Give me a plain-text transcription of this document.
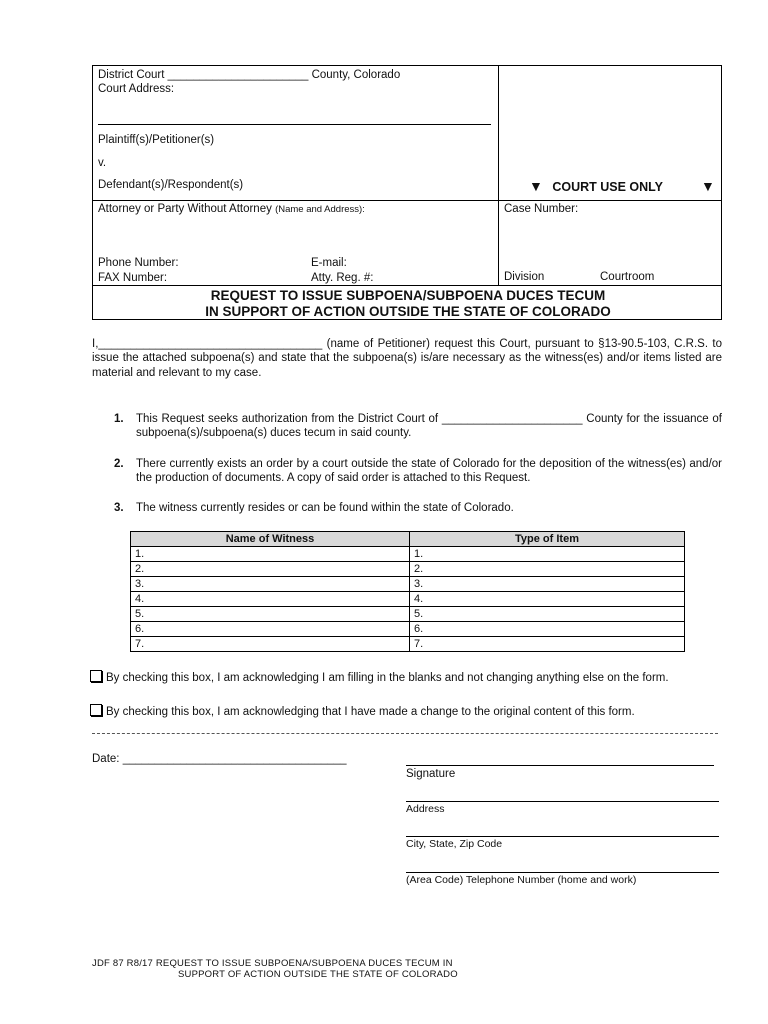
District Court ______________________ County, Colorado
Court Address:
Plaintiff(s)/Petitioner(s)
v.
Defendant(s)/Respondent(s)
Attorney or Party Without Attorney (Name and Address):
Phone Number:	E-mail:
FAX Number:	Atty. Reg. #:
▼ COURT USE ONLY	▼
Case Number:
Division	Courtroom
REQUEST TO ISSUE SUBPOENA/SUBPOENA DUCES TECUM
IN SUPPORT OF ACTION OUTSIDE THE STATE OF COLORADO
I,___________________________________ (name of Petitioner) request this Court, pursuant to §13-90.5-103, C.R.S. to issue the attached subpoena(s) and state that the subpoena(s) is/are necessary as the witness(es) and/or items listed are material and relevant to my case.
1. This Request seeks authorization from the District Court of ______________________ County for the issuance of subpoena(s)/subpoena(s) duces tecum in said county.
2. There currently exists an order by a court outside the state of Colorado for the deposition of the witness(es) and/or the production of documents. A copy of said order is attached to this Request.
3. The witness currently resides or can be found within the state of Colorado.
Name of Witness	Type of Item
1.	1.
2.	2.
3.	3.
4.	4.
5.	5.
6.	6.
7.	7.
By checking this box, I am acknowledging I am filling in the blanks and not changing anything else on the form.
By checking this box, I am acknowledging that I have made a change to the original content of this form.
Date: ___________________________________
Signature
Address
City, State, Zip Code
(Area Code) Telephone Number (home and work)
JDF 87 R8/17 REQUEST TO ISSUE SUBPOENA/SUBPOENA DUCES TECUM IN
SUPPORT OF ACTION OUTSIDE THE STATE OF COLORADO
